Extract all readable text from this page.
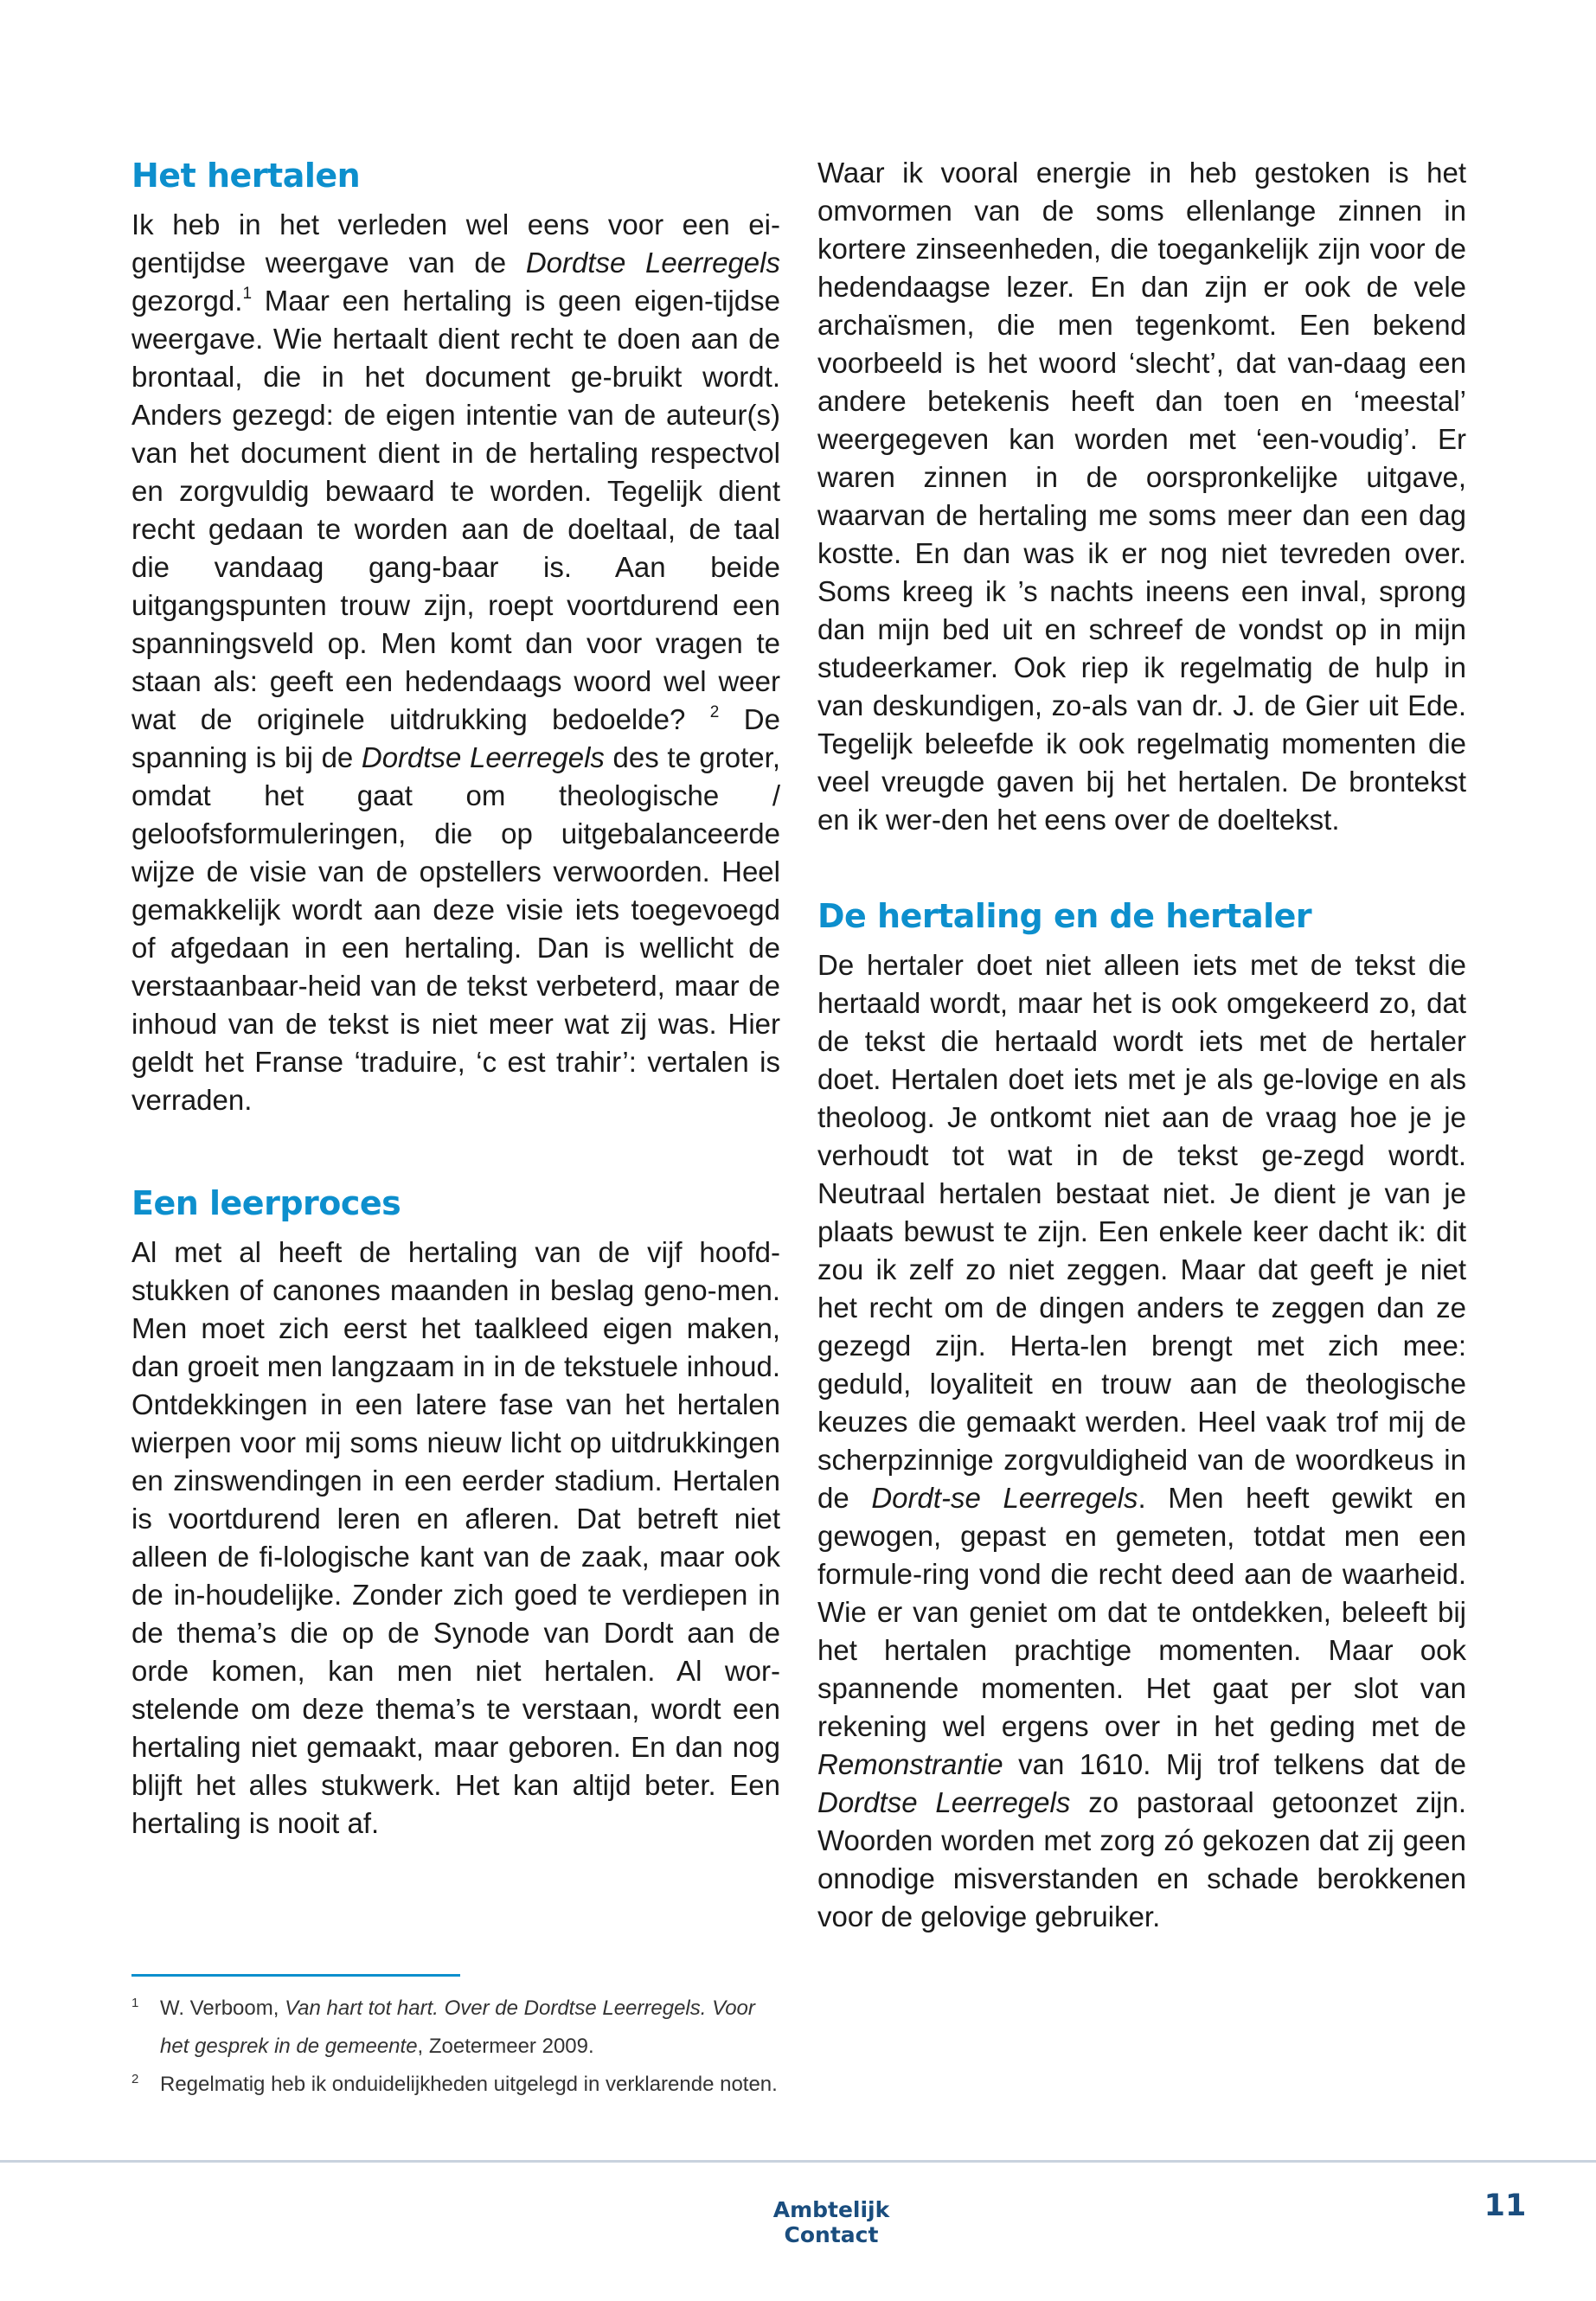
Het hertalen

Ik heb in het verleden wel eens voor een ei-gentijdse weergave van de Dordtse Leerregels gezorgd.$^1$ Maar een hertaling is geen eigen-tijdse weergave. Wie hertaalt dient recht te doen aan de brontaal, die in het document ge-bruikt wordt. Anders gezegd: de eigen intentie van de auteur(s) van het document dient in de hertaling respectvol en zorgvuldig bewaard te worden. Tegelijk dient recht gedaan te worden aan de doeltaal, de taal die vandaag gang-baar is. Aan beide uitgangspunten trouw zijn, roept voortdurend een spanningsveld op. Men komt dan voor vragen te staan als: geeft een hedendaags woord wel weer wat de originele uitdrukking bedoelde? $^2$ De spanning is bij de Dordtse Leerregels des te groter, omdat het gaat om theologische / geloofsformuleringen, die op uitgebalanceerde wijze de visie van de opstellers verwoorden. Heel gemakkelijk wordt aan deze visie iets toegevoegd of afgedaan in een hertaling. Dan is wellicht de verstaanbaar-heid van de tekst verbeterd, maar de inhoud van de tekst is niet meer wat zij was. Hier geldt het Franse ‘traduire, ‘c est trahir’: vertalen is verraden.

Een leerproces

Al met al heeft de hertaling van de vijf hoofd-stukken of canones maanden in beslag geno-men. Men moet zich eerst het taalkleed eigen maken, dan groeit men langzaam in in de tekstuele inhoud. Ontdekkingen in een latere fase van het hertalen wierpen voor mij soms nieuw licht op uitdrukkingen en zinswendingen in een eerder stadium. Hertalen is voortdurend leren en afleren. Dat betreft niet alleen de fi-lologische kant van de zaak, maar ook de in-houdelijke. Zonder zich goed te verdiepen in de thema’s die op de Synode van Dordt aan de orde komen, kan men niet hertalen. Al wor-stelende om deze thema’s te verstaan, wordt een hertaling niet gemaakt, maar geboren. En dan nog blijft het alles stukwerk. Het kan altijd beter. Een hertaling is nooit af.

1 W. Verboom, Van hart tot hart. Over de Dordtse Leerregels. Voor het gesprek in de gemeente, Zoetermeer 2009.
2 Regelmatig heb ik onduidelijkheden uitgelegd in verklarende noten.

Waar ik vooral energie in heb gestoken is het omvormen van de soms ellenlange zinnen in kortere zinseenheden, die toegankelijk zijn voor de hedendaagse lezer. En dan zijn er ook de vele archaïsmen, die men tegenkomt. Een bekend voorbeeld is het woord ‘slecht’, dat van-daag een andere betekenis heeft dan toen en ‘meestal’ weergegeven kan worden met ‘een-voudig’. Er waren zinnen in de oorspronkelijke uitgave, waarvan de hertaling me soms meer dan een dag kostte. En dan was ik er nog niet tevreden over. Soms kreeg ik ’s nachts ineens een inval, sprong dan mijn bed uit en schreef de vondst op in mijn studeerkamer. Ook riep ik regelmatig de hulp in van deskundigen, zo-als van dr. J. de Gier uit Ede. Tegelijk beleefde ik ook regelmatig momenten die veel vreugde gaven bij het hertalen. De brontekst en ik wer-den het eens over de doeltekst.

De hertaling en de hertaler

De hertaler doet niet alleen iets met de tekst die hertaald wordt, maar het is ook omgekeerd zo, dat de tekst die hertaald wordt iets met de hertaler doet. Hertalen doet iets met je als ge-lovige en als theoloog. Je ontkomt niet aan de vraag hoe je je verhoudt tot wat in de tekst ge-zegd wordt. Neutraal hertalen bestaat niet. Je dient je van je plaats bewust te zijn. Een enkele keer dacht ik: dit zou ik zelf zo niet zeggen. Maar dat geeft je niet het recht om de dingen anders te zeggen dan ze gezegd zijn. Herta-len brengt met zich mee: geduld, loyaliteit en trouw aan de theologische keuzes die gemaakt werden. Heel vaak trof mij de scherpzinnige zorgvuldigheid van de woordkeus in de Dordt-se Leerregels. Men heeft gewikt en gewogen, gepast en gemeten, totdat men een formule-ring vond die recht deed aan de waarheid. Wie er van geniet om dat te ontdekken, beleeft bij het hertalen prachtige momenten. Maar ook spannende momenten. Het gaat per slot van rekening wel ergens over in het geding met de Remonstrantie van 1610. Mij trof telkens dat de Dordtse Leerregels zo pastoraal getoonzet zijn. Woorden worden met zorg zó gekozen dat zij geen onnodige misverstanden en schade berokkenen voor de gelovige gebruiker.

Ambtelijk Contact
11
